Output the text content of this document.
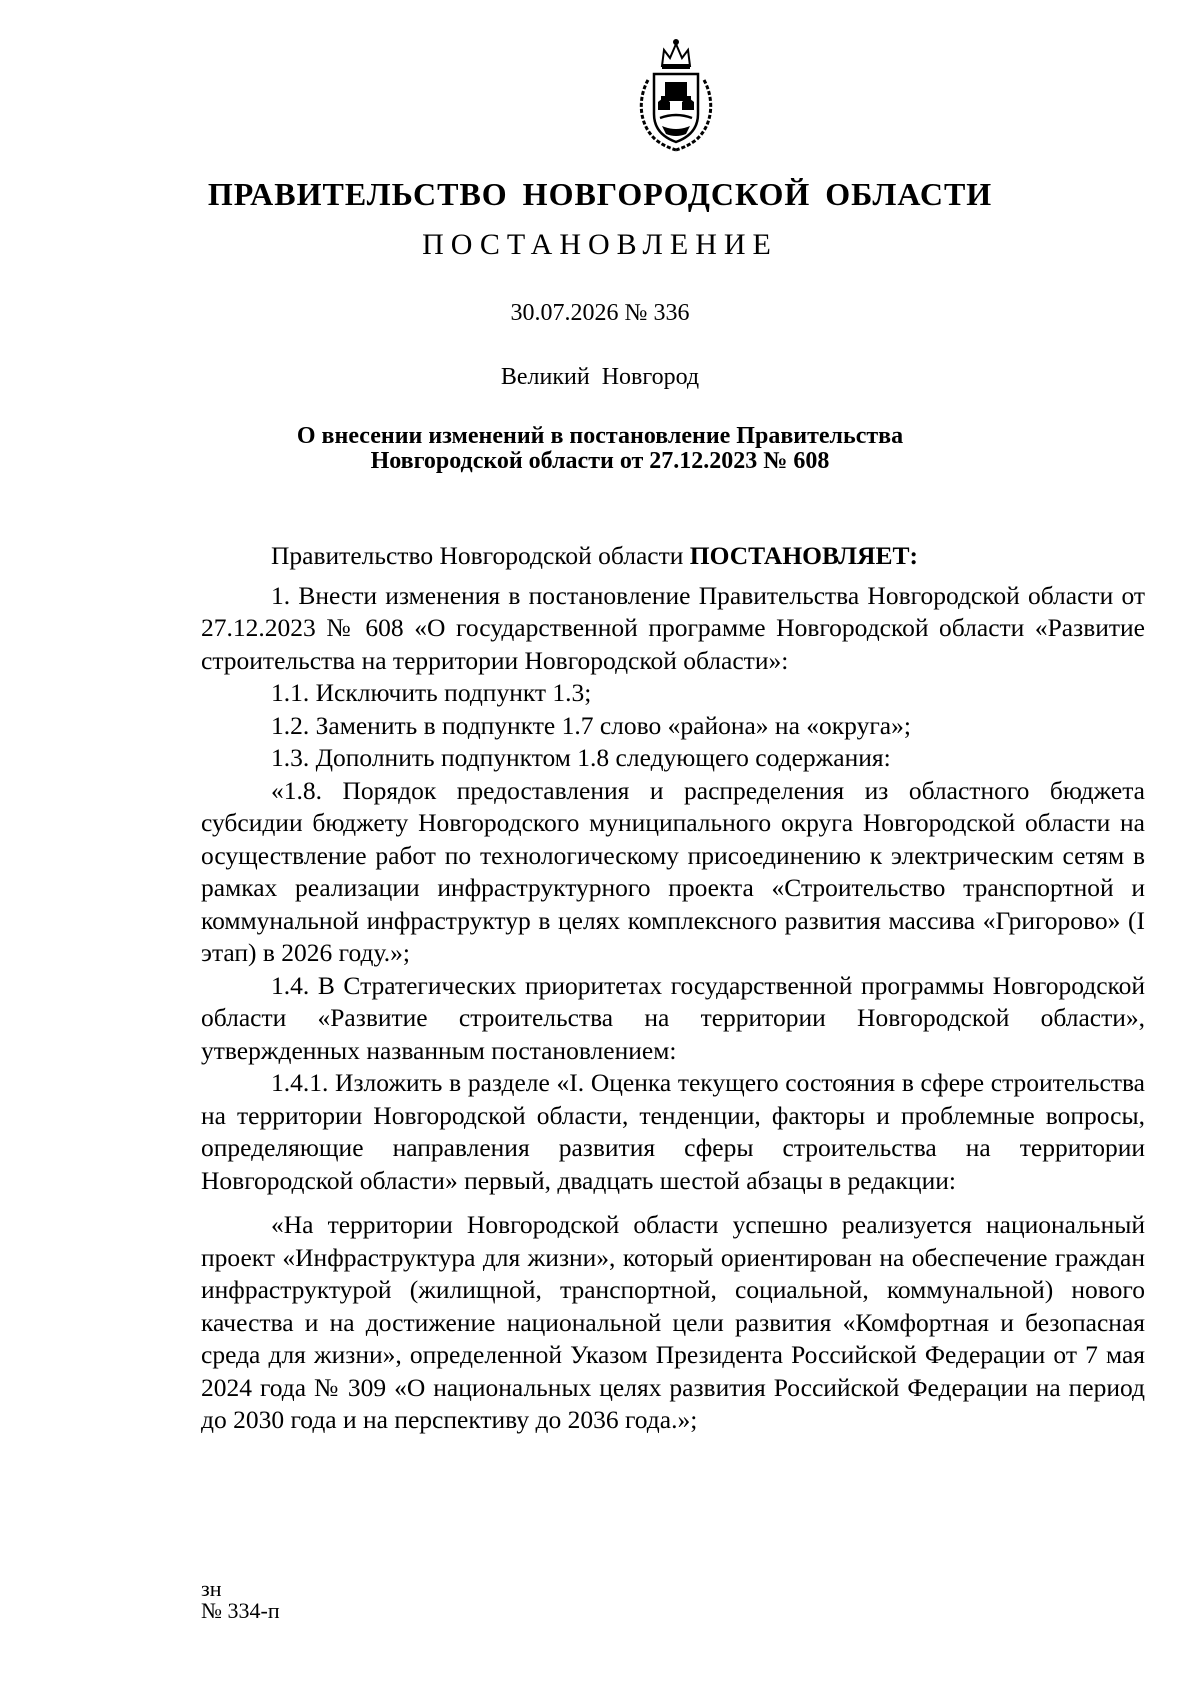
ПРАВИТЕЛЬСТВО НОВГОРОДСКОЙ ОБЛАСТИ
ПОСТАНОВЛЕНИЕ
30.07.2026 № 336
Великий Новгород
О внесении изменений в постановление Правительства
Новгородской области от 27.12.2023 № 608

Правительство Новгородской области ПОСТАНОВЛЯЕТ:

1. Внести изменения в постановление Правительства Новгородской области от 27.12.2023 № 608 «О государственной программе Новгородской области «Развитие строительства на территории Новгородской области»:

1.1. Исключить подпункт 1.3;

1.2. Заменить в подпункте 1.7 слово «района» на «округа»;

1.3. Дополнить подпунктом 1.8 следующего содержания:

«1.8. Порядок предоставления и распределения из областного бюджета субсидии бюджету Новгородского муниципального округа Новгородской области на осуществление работ по технологическому присоединению к электрическим сетям в рамках реализации инфраструктурного проекта «Строительство транспортной и коммунальной инфраструктур в целях комплексного развития массива «Григорово» (I этап) в 2026 году.»;

1.4. В Стратегических приоритетах государственной программы Новгородской области «Развитие строительства на территории Новгородской области», утвержденных названным постановлением:

1.4.1. Изложить в разделе «I. Оценка текущего состояния в сфере строительства на территории Новгородской области, тенденции, факторы и проблемные вопросы, определяющие направления развития сферы строительства на территории Новгородской области» первый, двадцать шестой абзацы в редакции:

«На территории Новгородской области успешно реализуется национальный проект «Инфраструктура для жизни», который ориентирован на обеспечение граждан инфраструктурой (жилищной, транспортной, социальной, коммунальной) нового качества и на достижение национальной цели развития «Комфортная и безопасная среда для жизни», определенной Указом Президента Российской Федерации от 7 мая 2024 года № 309 «О национальных целях развития Российской Федерации на период до 2030 года и на перспективу до 2036 года.»;

зн
№ 334-п
